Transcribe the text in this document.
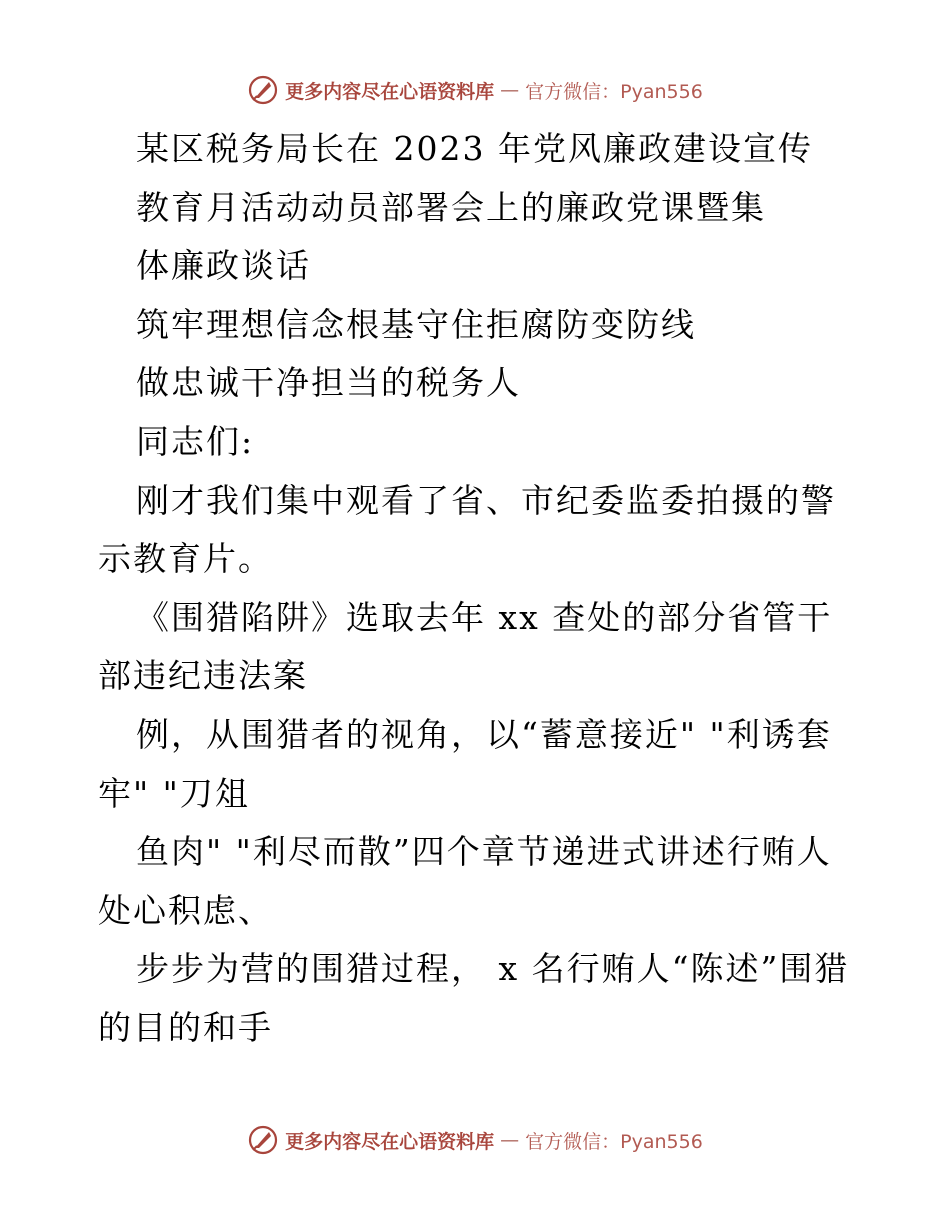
更多内容尽在心语资料库 — 官方微信：Pyan556

某区税务局长在 2023 年党风廉政建设宣传

教育月活动动员部署会上的廉政党课暨集

体廉政谈话

筑牢理想信念根基守住拒腐防变防线

做忠诚干净担当的税务人

同志们:

刚才我们集中观看了省、市纪委监委拍摄的警示教育片。

《围猎陷阱》选取去年 xx 查处的部分省管干部违纪违法案

例，从围猎者的视角，以“蓄意接近" "利诱套牢" "刀俎

鱼肉" "利尽而散”四个章节递进式讲述行贿人处心积虑、

步步为营的围猎过程， x 名行贿人“陈述”围猎的目的和手

更多内容尽在心语资料库 — 官方微信：Pyan556
